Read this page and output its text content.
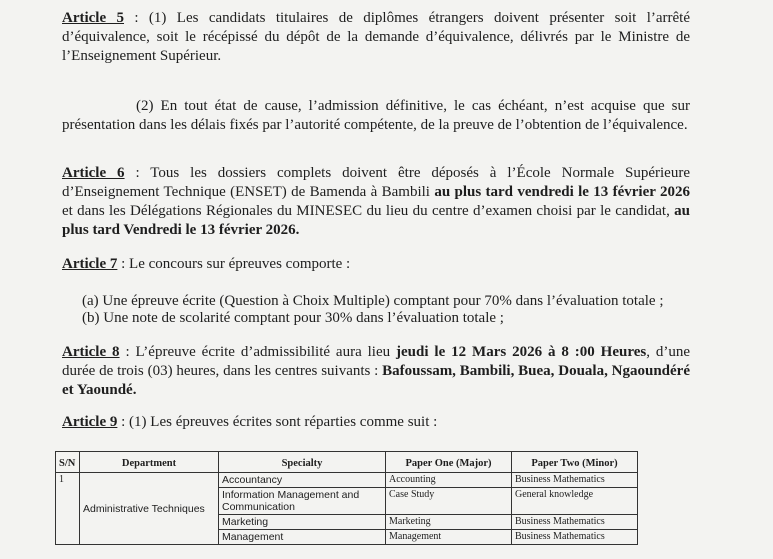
Article 5 : (1) Les candidats titulaires de diplômes étrangers doivent présenter soit l’arrêté d’équivalence, soit le récépissé du dépôt de la demande d’équivalence, délivrés par le Ministre de l’Enseignement Supérieur.
(2) En tout état de cause, l’admission définitive, le cas échéant, n’est acquise que sur présentation dans les délais fixés par l’autorité compétente, de la preuve de l’obtention de l’équivalence.
Article 6 : Tous les dossiers complets doivent être déposés à l’École Normale Supérieure d’Enseignement Technique (ENSET) de Bamenda à Bambili au plus tard vendredi le 13 février 2026 et dans les Délégations Régionales du MINESEC du lieu du centre d’examen choisi par le candidat, au plus tard Vendredi le 13 février 2026.
Article 7 : Le concours sur épreuves comporte :
(a) Une épreuve écrite (Question à Choix Multiple) comptant pour 70% dans l’évaluation totale ;
(b) Une note de scolarité comptant pour 30% dans l’évaluation totale ;
Article 8 : L’épreuve écrite d’admissibilité aura lieu jeudi le 12 Mars 2026 à 8 :00 Heures, d’une durée de trois (03) heures, dans les centres suivants : Bafoussam, Bambili, Buea, Douala, Ngaoundéré et Yaoundé.
Article 9 : (1) Les épreuves écrites sont réparties comme suit :
S/N	Department	Specialty	Paper One (Major)	Paper Two (Minor)
1	Administrative Techniques	Accountancy	Accounting	Business Mathematics
		Information Management and Communication	Case Study	General knowledge
		Marketing	Marketing	Business Mathematics
		Management	Management	Business Mathematics
